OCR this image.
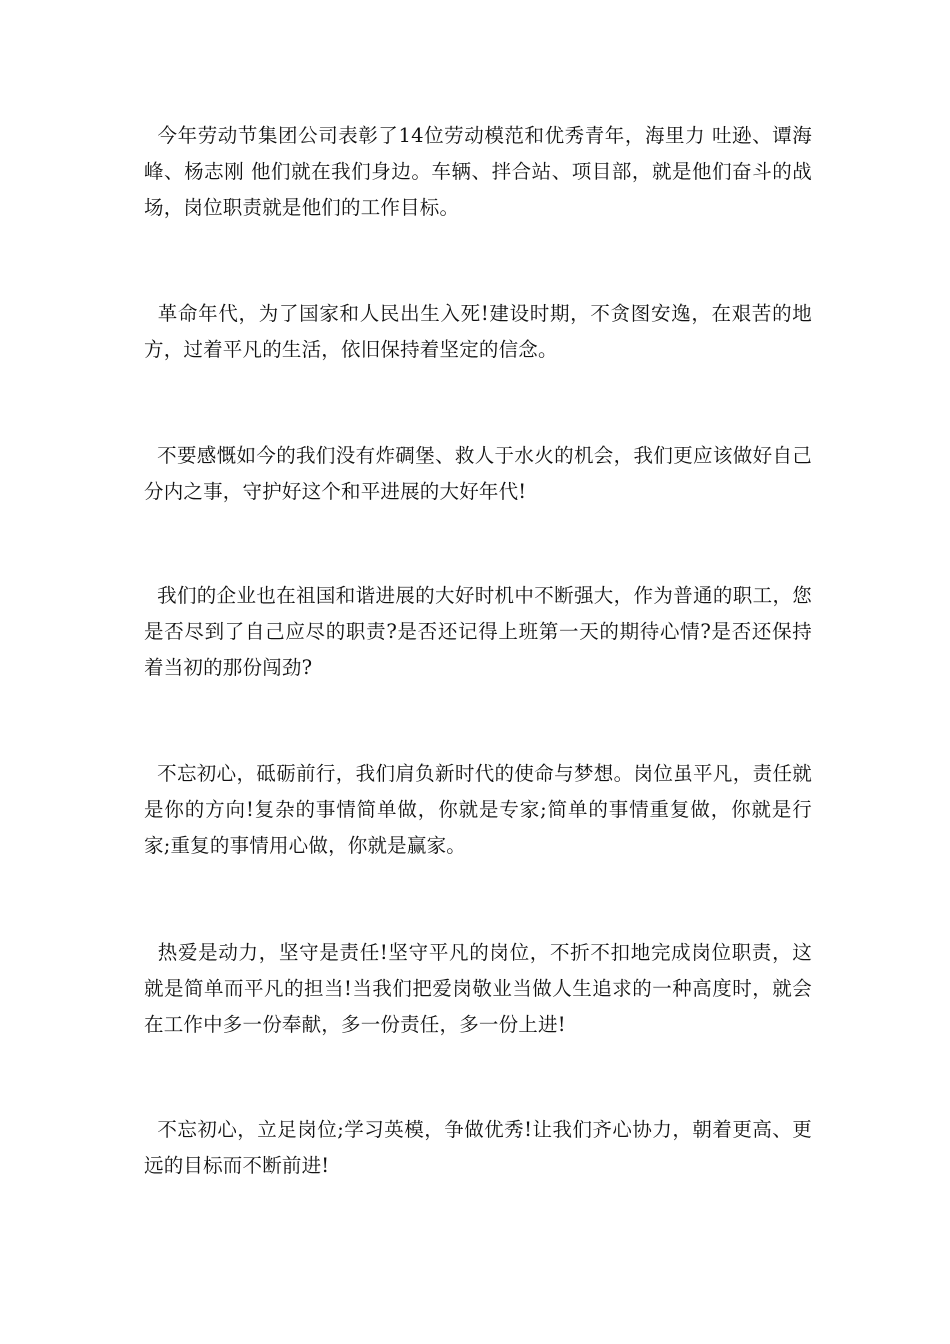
今年劳动节集团公司表彰了14位劳动模范和优秀青年，海里力 吐逊、谭海峰、杨志刚 他们就在我们身边。车辆、拌合站、项目部，就是他们奋斗的战场，岗位职责就是他们的工作目标。

革命年代，为了国家和人民出生入死!建设时期，不贪图安逸，在艰苦的地方，过着平凡的生活，依旧保持着坚定的信念。

不要感慨如今的我们没有炸碉堡、救人于水火的机会，我们更应该做好自己分内之事，守护好这个和平进展的大好年代!

我们的企业也在祖国和谐进展的大好时机中不断强大，作为普通的职工，您是否尽到了自己应尽的职责?是否还记得上班第一天的期待心情?是否还保持着当初的那份闯劲?

不忘初心，砥砺前行，我们肩负新时代的使命与梦想。岗位虽平凡，责任就是你的方向!复杂的事情简单做，你就是专家;简单的事情重复做，你就是行家;重复的事情用心做，你就是赢家。

热爱是动力，坚守是责任!坚守平凡的岗位，不折不扣地完成岗位职责，这就是简单而平凡的担当!当我们把爱岗敬业当做人生追求的一种高度时，就会在工作中多一份奉献，多一份责任，多一份上进!

不忘初心，立足岗位;学习英模，争做优秀!让我们齐心协力，朝着更高、更远的目标而不断前进!
